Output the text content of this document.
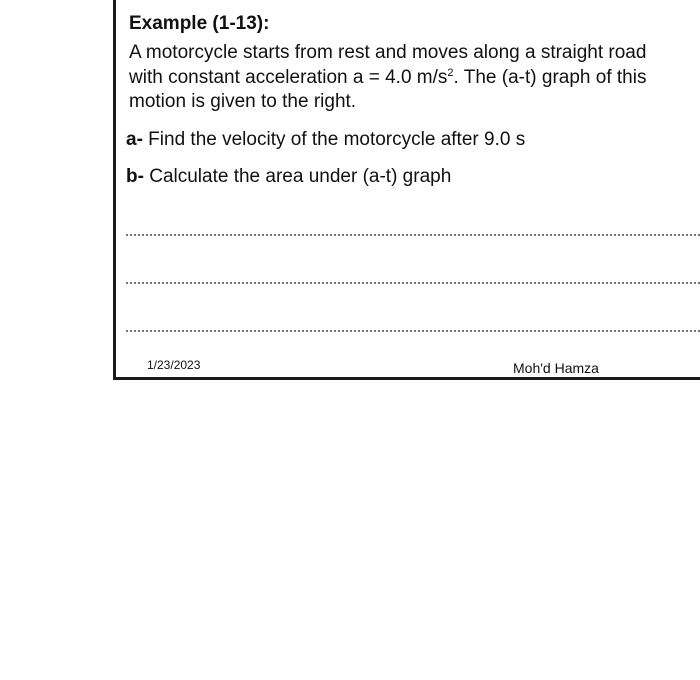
Example (1-13):

A motorcycle starts from rest and moves along a straight road

with constant acceleration a = 4.0 $m/s^2$. The (a-t) graph of this

motion is given to the right.

a- Find the velocity of the motorcycle after 9.0 s

b- Calculate the area under (a-t) graph

1/23/2023	Moh'd Hamza
